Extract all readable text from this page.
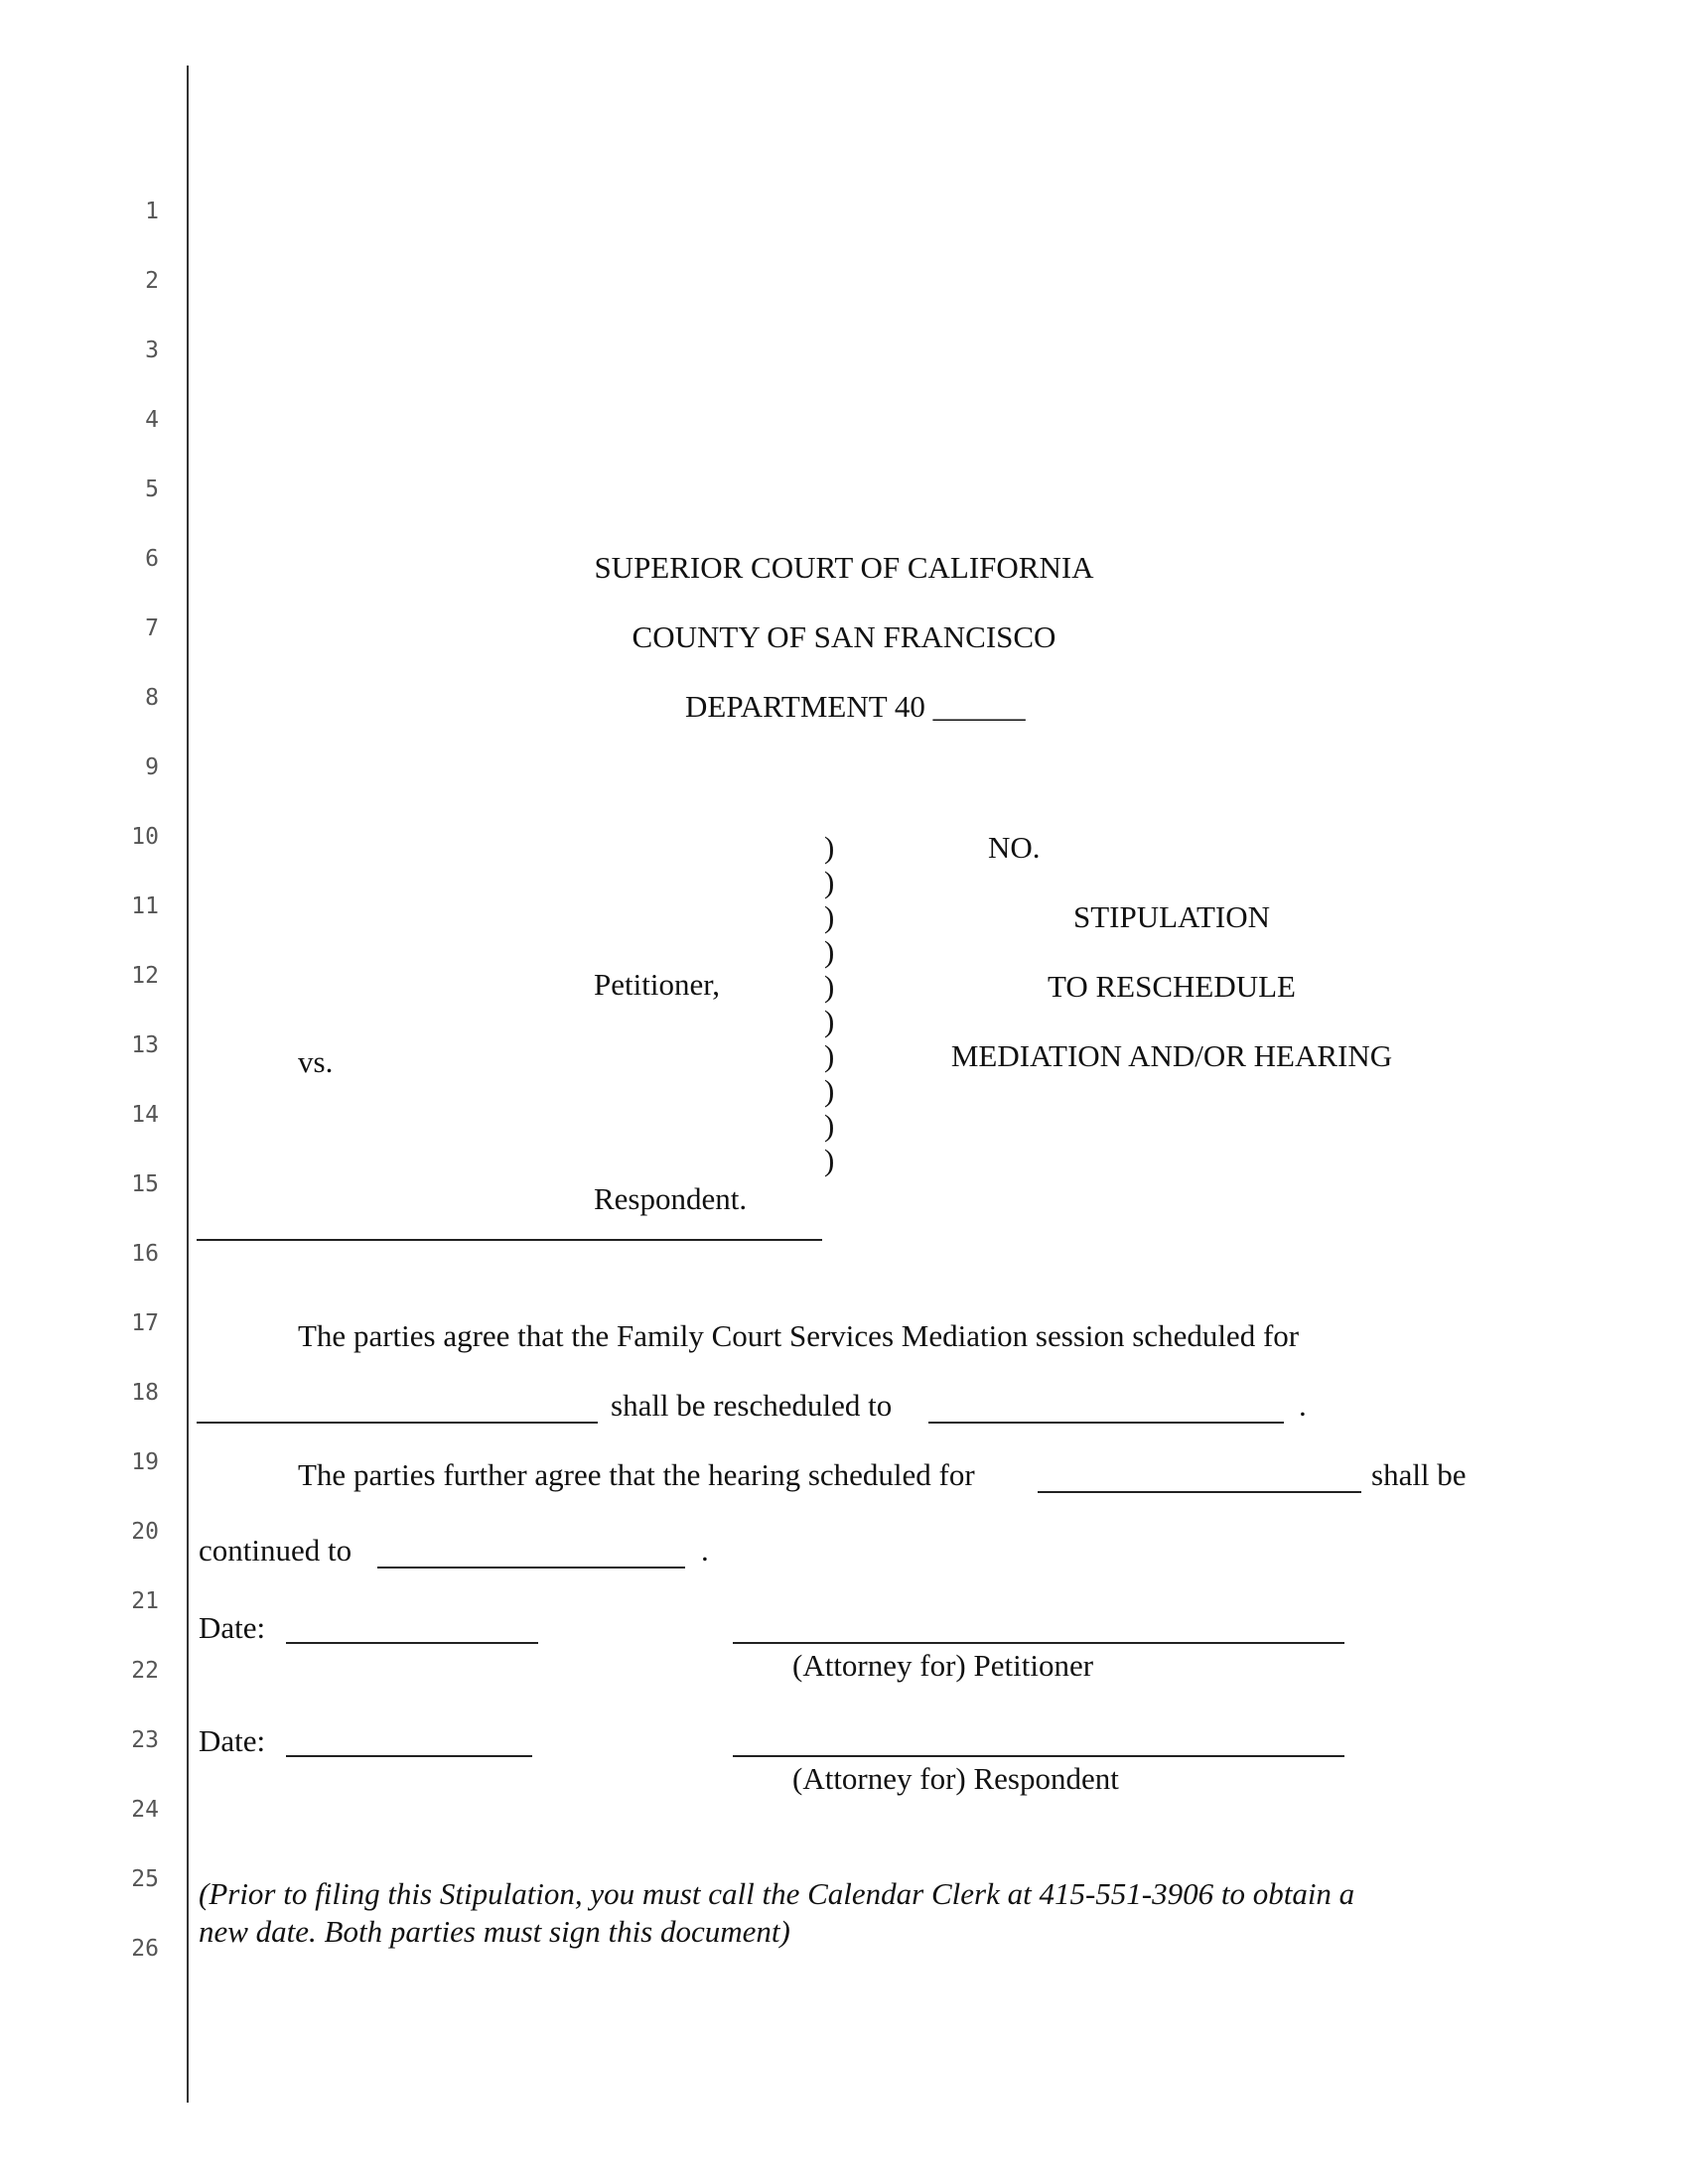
1
2
3
4
5
6
7
8
9
10
11
12
13
14
15
16
17
18
19
20
21
22
23
24
25
26
SUPERIOR COURT OF CALIFORNIA
COUNTY OF SAN FRANCISCO
DEPARTMENT 40 ______
Petitioner,
vs.
Respondent.
)
)
)
)
)
)
)
)
)
)
NO.
STIPULATION
TO RESCHEDULE
MEDIATION AND/OR HEARING
The parties agree that the Family Court Services Mediation session scheduled for
shall be rescheduled to	.
The parties further agree that the hearing scheduled for	shall be
continued to	.
Date:
(Attorney for) Petitioner
Date:
(Attorney for) Respondent
(Prior to filing this Stipulation, you must call the Calendar Clerk at 415-551-3906 to obtain a
new date. Both parties must sign this document)
